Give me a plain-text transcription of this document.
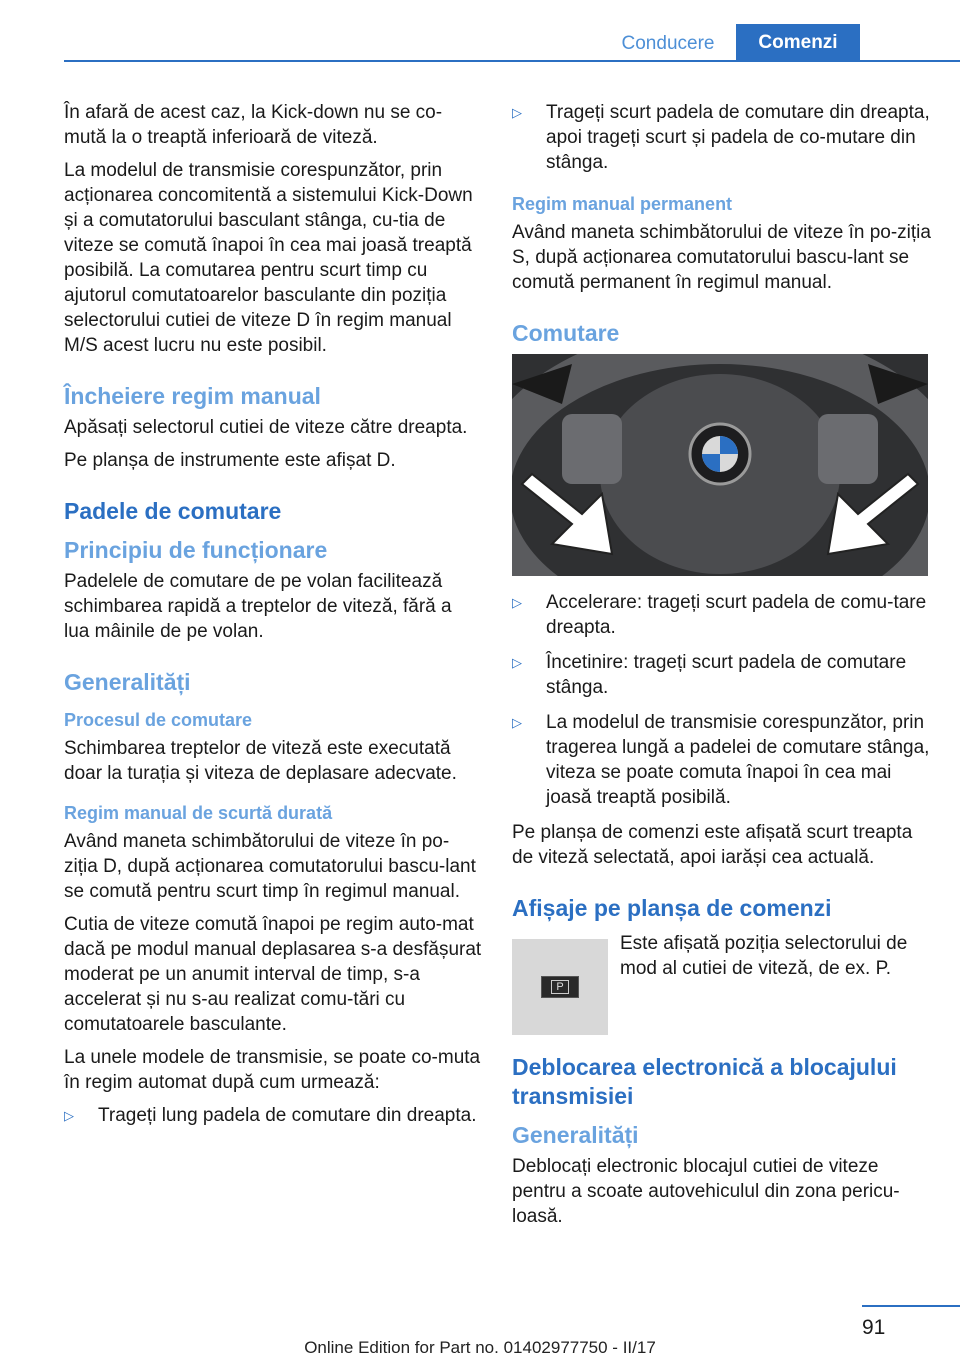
Conducere	Comenzi

În afară de acest caz, la Kick-down nu se co‐mută la o treaptă inferioară de viteză.

La modelul de transmisie corespunzător, prin acționarea concomitentă a sistemului Kick-Down și a comutatorului basculant stânga, cu‐tia de viteze se comută înapoi în cea mai joasă treaptă posibilă. La comutarea pentru scurt timp cu ajutorul comutatoarelor basculante din poziția selectorului cutiei de viteze D în regim manual M/S acest lucru nu este posibil.

Încheiere regim manual

Apăsați selectorul cutiei de viteze către dreapta.

Pe planșa de instrumente este afișat D.

Padele de comutare
Principiu de funcționare

Padelele de comutare de pe volan facilitează schimbarea rapidă a treptelor de viteză, fără a lua mâinile de pe volan.

Generalități
Procesul de comutare

Schimbarea treptelor de viteză este executată doar la turația și viteza de deplasare adecvate.

Regim manual de scurtă durată

Având maneta schimbătorului de viteze în po‐ziția D, după acționarea comutatorului bascu‐lant se comută pentru scurt timp în regimul manual.

Cutia de viteze comută înapoi pe regim auto‐mat dacă pe modul manual deplasarea s-a desfășurat moderat pe un anumit interval de timp, s-a accelerat și nu s-au realizat comu‐tări cu comutatoarele basculante.

La unele modele de transmisie, se poate co‐muta în regim automat după cum urmează:

▷	Trageți lung padela de comutare din dreapta.
▷	Trageți scurt padela de comutare din dreapta, apoi trageți scurt și padela de co‐mutare din stânga.
Regim manual permanent

Având maneta schimbătorului de viteze în po‐ziția S, după acționarea comutatorului bascu‐lant se comută permanent în regimul manual.

Comutare
▷	Accelerare: trageți scurt padela de comu‐tare dreapta.
▷	Încetinire: trageți scurt padela de comutare stânga.
▷	La modelul de transmisie corespunzător, prin tragerea lungă a padelei de comutare stânga, viteza se poate comuta înapoi în cea mai joasă treaptă posibilă.

Pe planșa de comenzi este afișată scurt treapta de viteză selectată, apoi iarăși cea actuală.

Afișaje pe planșa de comenzi
P

Este afișată poziția selectorului de mod al cutiei de viteză, de ex. P.

Deblocarea electronică a blocajului transmisiei
Generalități

Deblocați electronic blocajul cutiei de viteze pentru a scoate autovehiculul din zona pericu‐loasă.

91
Online Edition for Part no. 01402977750 - II/17
